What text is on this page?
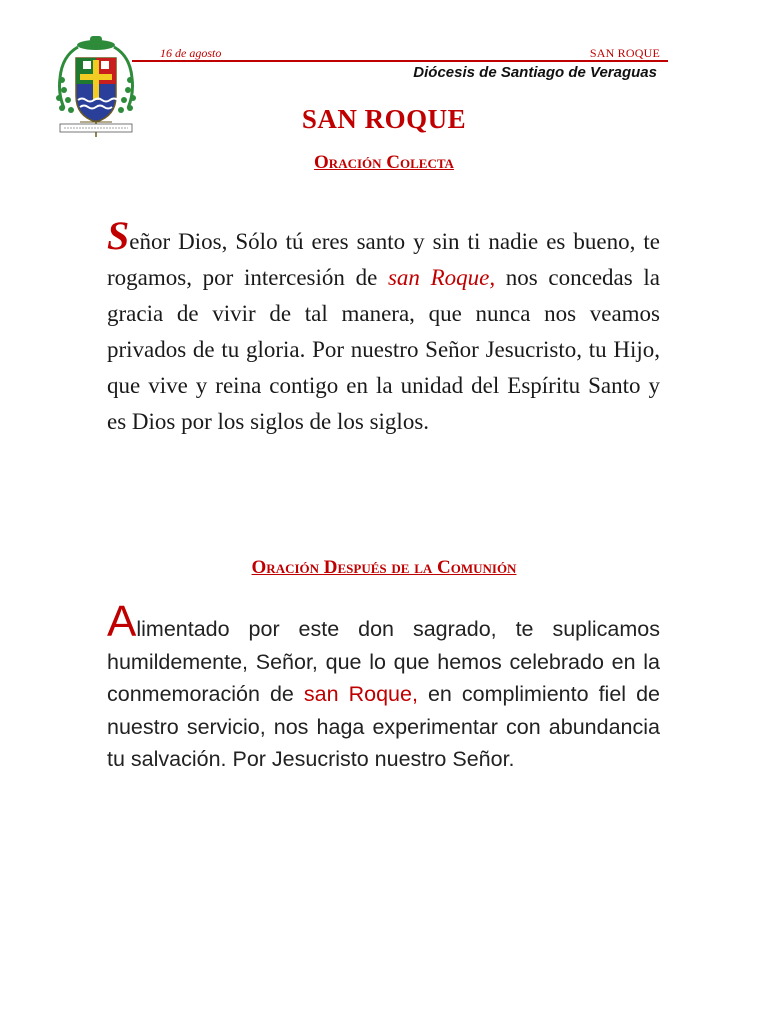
16 de agosto	SAN ROQUE
Diócesis de Santiago de Veraguas
SAN ROQUE
Oración Colecta
Señor Dios, Sólo tú eres santo y sin ti nadie es bueno, te rogamos, por intercesión de san Roque, nos concedas la gracia de vivir de tal manera, que nunca nos veamos privados de tu gloria. Por nuestro Señor Jesucristo, tu Hijo, que vive y reina contigo en la unidad del Espíritu Santo y es Dios por los siglos de los siglos.
Oración Después de la Comunión
Alimentado por este don sagrado, te suplicamos humildemente, Señor, que lo que hemos celebrado en la conmemoración de san Roque, en complimiento fiel de nuestro servicio, nos haga experimentar con abundancia tu salvación. Por Jesucristo nuestro Señor.
